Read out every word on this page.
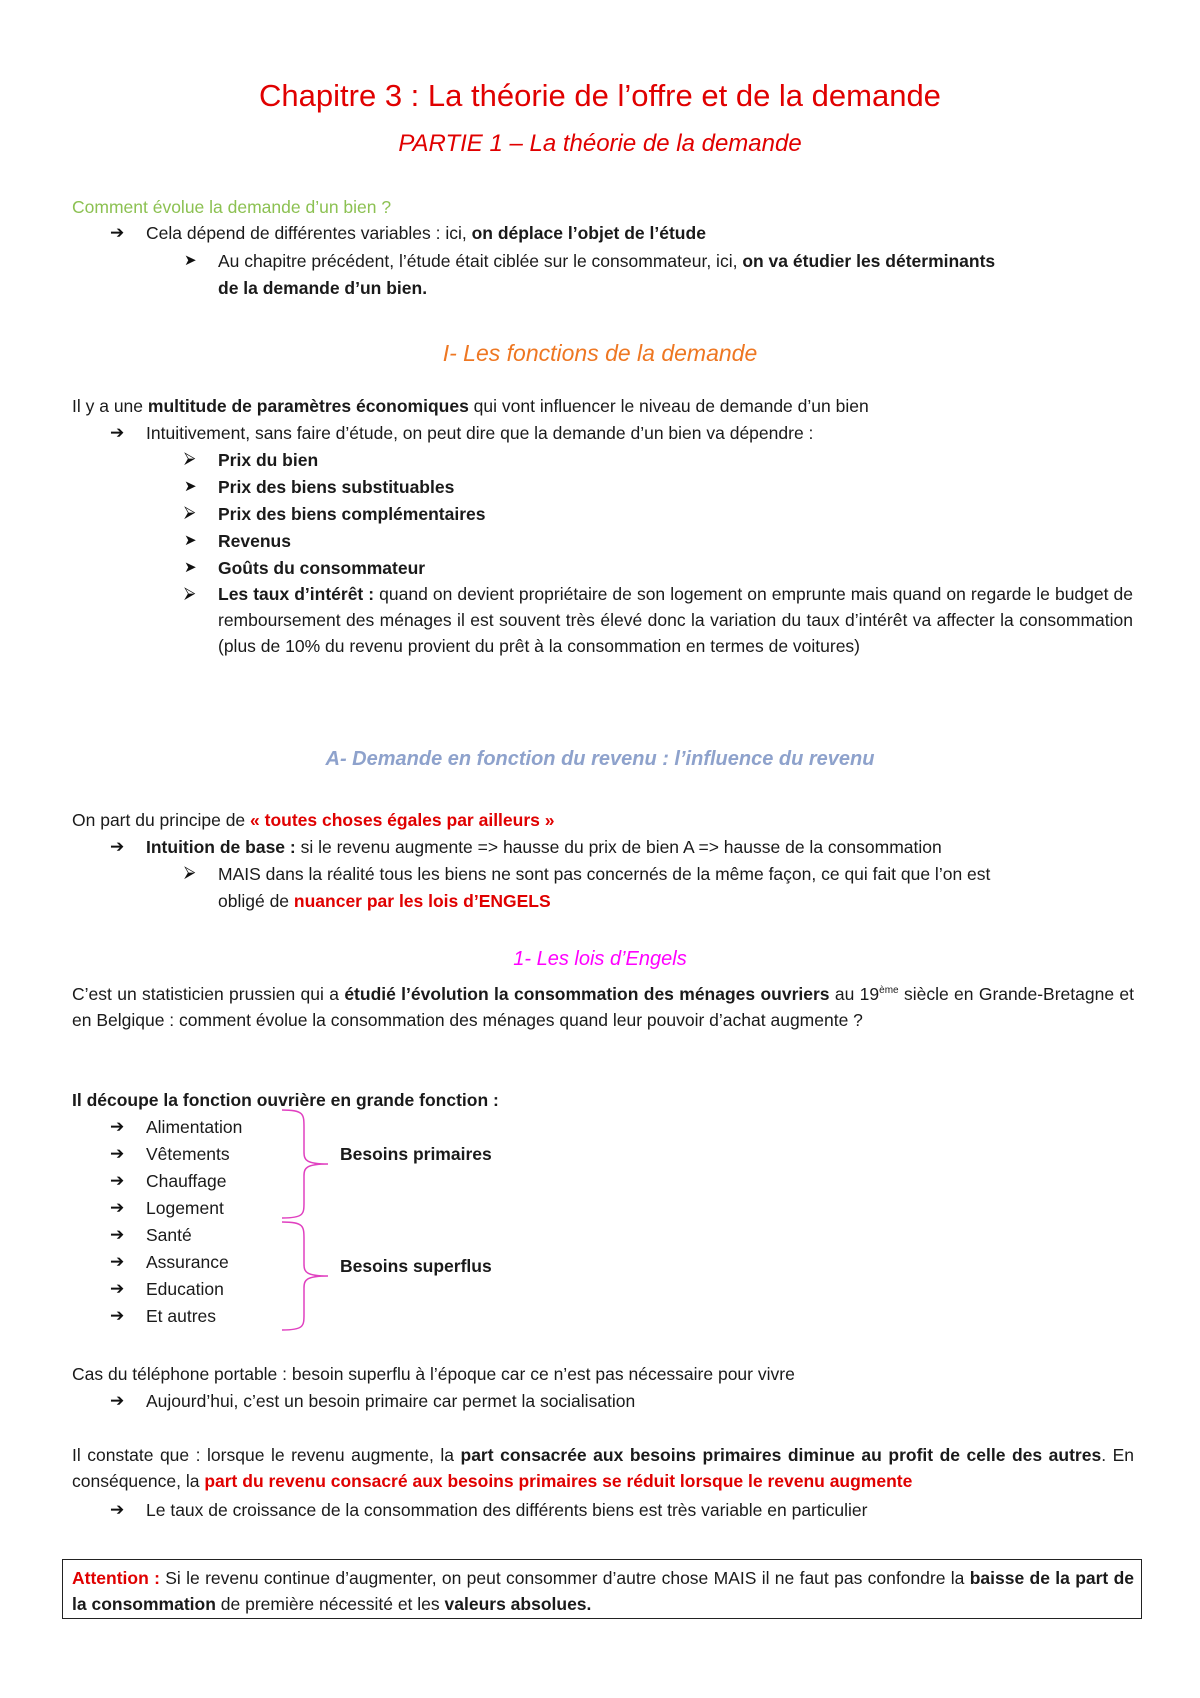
Chapitre 3 : La théorie de l’offre et de la demande
PARTIE 1 – La théorie de la demande
Comment évolue la demande d’un bien ?
➔ Cela dépend de différentes variables : ici, on déplace l’objet de l’étude
➤ Au chapitre précédent, l’étude était ciblée sur le consommateur, ici, on va étudier les déterminants
de la demande d’un bien.
I- Les fonctions de la demande
Il y a une multitude de paramètres économiques qui vont influencer le niveau de demande d’un bien
➔ Intuitivement, sans faire d’étude, on peut dire que la demande d’un bien va dépendre :
⮚ Prix du bien
➤ Prix des biens substituables
⮚ Prix des biens complémentaires
➤ Revenus
➤ Goûts du consommateur
⮚ Les taux d’intérêt : quand on devient propriétaire de son logement on emprunte mais quand on regarde le budget de remboursement des ménages il est souvent très élevé donc la variation du taux d’intérêt va affecter la consommation (plus de 10% du revenu provient du prêt à la consommation en termes de voitures)
A- Demande en fonction du revenu : l’influence du revenu
On part du principe de « toutes choses égales par ailleurs »
➔ Intuition de base : si le revenu augmente => hausse du prix de bien A => hausse de la consommation
⮚ MAIS dans la réalité tous les biens ne sont pas concernés de la même façon, ce qui fait que l’on est
obligé de nuancer par les lois d’ENGELS
1- Les lois d’Engels
C’est un statisticien prussien qui a étudié l’évolution la consommation des ménages ouvriers au 19ème siècle en Grande-Bretagne et en Belgique : comment évolue la consommation des ménages quand leur pouvoir d’achat augmente ?
Il découpe la fonction ouvrière en grande fonction :
➔ Alimentation
➔ Vêtements
➔ Chauffage
➔ Logement
➔ Santé
➔ Assurance
➔ Education
➔ Et autres
Besoins primaires
Besoins superflus
Cas du téléphone portable : besoin superflu à l’époque car ce n’est pas nécessaire pour vivre
➔ Aujourd’hui, c’est un besoin primaire car permet la socialisation
Il constate que : lorsque le revenu augmente, la part consacrée aux besoins primaires diminue au profit de celle des autres. En conséquence, la part du revenu consacré aux besoins primaires se réduit lorsque le revenu augmente
➔ Le taux de croissance de la consommation des différents biens est très variable en particulier
Attention : Si le revenu continue d’augmenter, on peut consommer d’autre chose MAIS il ne faut pas confondre la baisse de la part de la consommation de première nécessité et les valeurs absolues.
